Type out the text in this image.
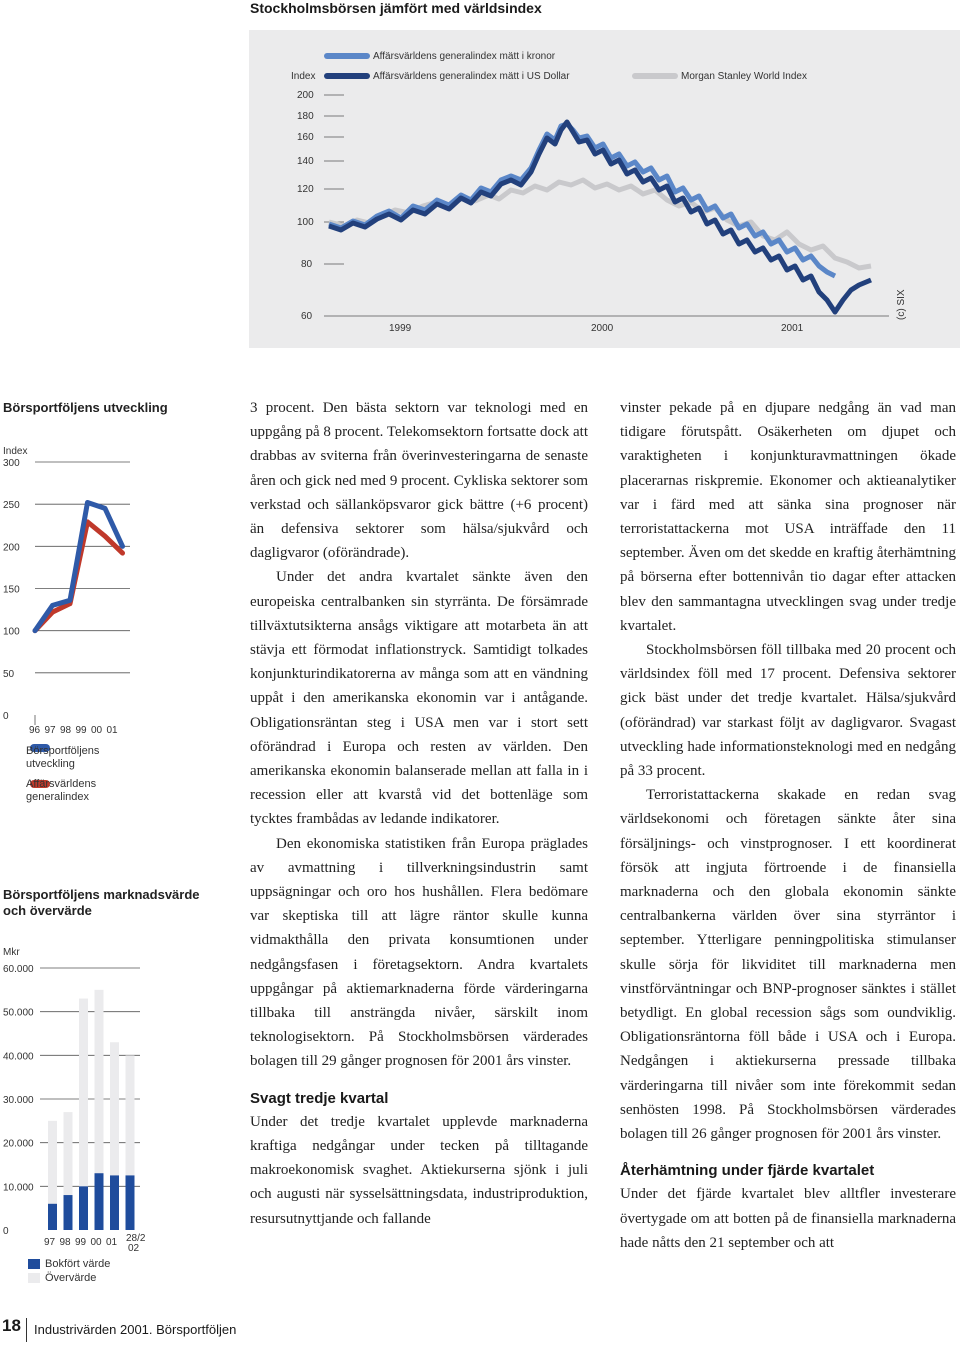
Stockholmsbörsen jämfört med världsindex
Affärsvärldens generalindex mätt i kronor
Affärsvärldens generalindex mätt i US Dollar	Morgan Stanley World Index
Index
200
180
160
140
120
100
80
60
1999	2000	2001
(c) SIX
Börsportföljens utveckling
Index
300
250
200
150
100
50
0
96 97 98 99 00 01
Börsportföljens utveckling
Affärsvärldens generalindex
Börsportföljens marknadsvärde och övervärde
Mkr
60.000
50.000
40.000
30.000
20.000
10.000
0
97 98 99 00 01 28/2
02
Bokfört värde
Övervärde

3 procent. Den bästa sektorn var teknologi med en uppgång på 8 procent. Telekomsektorn fortsatte dock att drabbas av sviterna från överinvesteringarna de senaste åren och gick ned med 9 procent. Cykliska sektorer som verkstad och sällanköpsvaror gick bättre (+6 procent) än defensiva sektorer som hälsa/sjukvård och dagligvaror (oförändrade).

Under det andra kvartalet sänkte även den europeiska centralbanken sin styrränta. De försämrade tillväxtutsikterna ansågs viktigare att motarbeta än att stävja ett förmodat inflationstryck. Samtidigt tolkades konjunkturindikatorerna av många som att en vändning uppåt i den amerikanska ekonomin var i antågande. Obligationsräntan steg i USA men var i stort sett oförändrad i Europa och resten av världen. Den amerikanska ekonomin balanserade mellan att falla in i recession eller att kvarstå vid det bottenläge som tycktes frambådas av ledande indikatorer.

Den ekonomiska statistiken från Europa präglades av avmattning i tillverkningsindustrin samt uppsägningar och oro hos hushållen. Flera bedömare var skeptiska till att lägre räntor skulle kunna vidmakthålla den privata konsumtionen under nedgångsfasen i företagsektorn. Andra kvartalets uppgångar på aktiemarknaderna förde värderingarna tillbaka till ansträngda nivåer, särskilt inom teknologisektorn. På Stockholmsbörsen värderades bolagen till 29 gånger prognosen för 2001 års vinster.

Svagt tredje kvartal

Under det tredje kvartalet upplevde marknaderna kraftiga nedgångar under tecken på tilltagande makroekonomisk svaghet. Aktiekurserna sjönk i juli och augusti när sysselsättningsdata, industriproduktion, resursutnyttjande och fallande

vinster pekade på en djupare nedgång än vad man tidigare förutspått. Osäkerheten om djupet och varaktigheten i konjunkturavmattningen ökade placerarnas riskpremie. Ekonomer och aktieanalytiker var i färd med att sänka sina prognoser när terroristattackerna mot USA inträffade den 11 september. Även om det skedde en kraftig återhämtning på börserna efter bottennivån tio dagar efter attacken blev den sammantagna utvecklingen svag under tredje kvartalet.

Stockholmsbörsen föll tillbaka med 20 procent och världsindex föll med 17 procent. Defensiva sektorer gick bäst under det tredje kvartalet. Hälsa/sjukvård (oförändrad) var starkast följt av dagligvaror. Svagast utveckling hade informationsteknologi med en nedgång på 33 procent.

Terroristattackerna skakade en redan svag världsekonomi och företagen sänkte åter sina försäljnings- och vinstprognoser. I ett koordinerat försök att ingjuta förtroende i de finansiella marknaderna och den globala ekonomin sänkte centralbankerna världen över sina styrräntor i september. Ytterligare penningpolitiska stimulanser skulle sörja för likviditet till marknaderna men vinstförväntningar och BNP-prognoser sänktes i stället betydligt. En global recession sågs som oundviklig. Obligationsräntorna föll både i USA och i Europa. Nedgången i aktiekurserna pressade tillbaka värderingarna till nivåer som inte förekommit sedan senhösten 1998. På Stockholmsbörsen värderades bolagen till 26 gånger prognosen för 2001 års vinster.

Återhämtning under fjärde kvartalet

Under det fjärde kvartalet blev alltfler investerare övertygade om att botten på de finansiella marknaderna hade nåtts den 21 september och att

18 Industrivärden 2001. Börsportföljen
